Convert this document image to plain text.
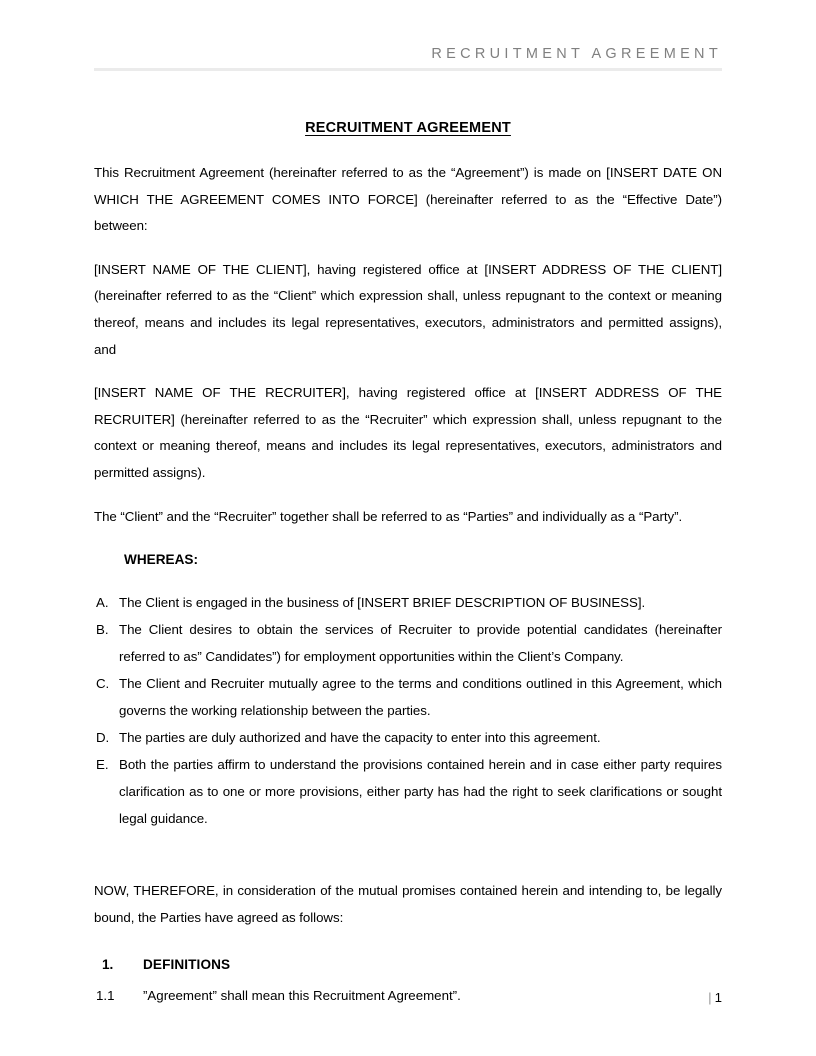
RECRUITMENT AGREEMENT
RECRUITMENT AGREEMENT

This Recruitment Agreement (hereinafter referred to as the “Agreement”) is made on [INSERT DATE ON WHICH THE AGREEMENT COMES INTO FORCE] (hereinafter referred to as the “Effective Date”) between:

[INSERT NAME OF THE CLIENT], having registered office at [INSERT ADDRESS OF THE CLIENT] (hereinafter referred to as the “Client” which expression shall, unless repugnant to the context or meaning thereof, means and includes its legal representatives, executors, administrators and permitted assigns), and

[INSERT NAME OF THE RECRUITER], having registered office at [INSERT ADDRESS OF THE RECRUITER] (hereinafter referred to as the “Recruiter” which expression shall, unless repugnant to the context or meaning thereof, means and includes its legal representatives, executors, administrators and permitted assigns).

The “Client” and the “Recruiter” together shall be referred to as “Parties” and individually as a “Party”.

WHEREAS:
A. The Client is engaged in the business of [INSERT BRIEF DESCRIPTION OF BUSINESS].
B. The Client desires to obtain the services of Recruiter to provide potential candidates (hereinafter referred to as” Candidates”) for employment opportunities within the Client’s Company.
C. The Client and Recruiter mutually agree to the terms and conditions outlined in this Agreement, which governs the working relationship between the parties.
D. The parties are duly authorized and have the capacity to enter into this agreement.
E. Both the parties affirm to understand the provisions contained herein and in case either party requires clarification as to one or more provisions, either party has had the right to seek clarifications or sought legal guidance.

NOW, THEREFORE, in consideration of the mutual promises contained herein and intending to, be legally bound, the Parties have agreed as follows:

1. DEFINITIONS
1.1	”Agreement” shall mean this Recruitment Agreement”.	| 1
